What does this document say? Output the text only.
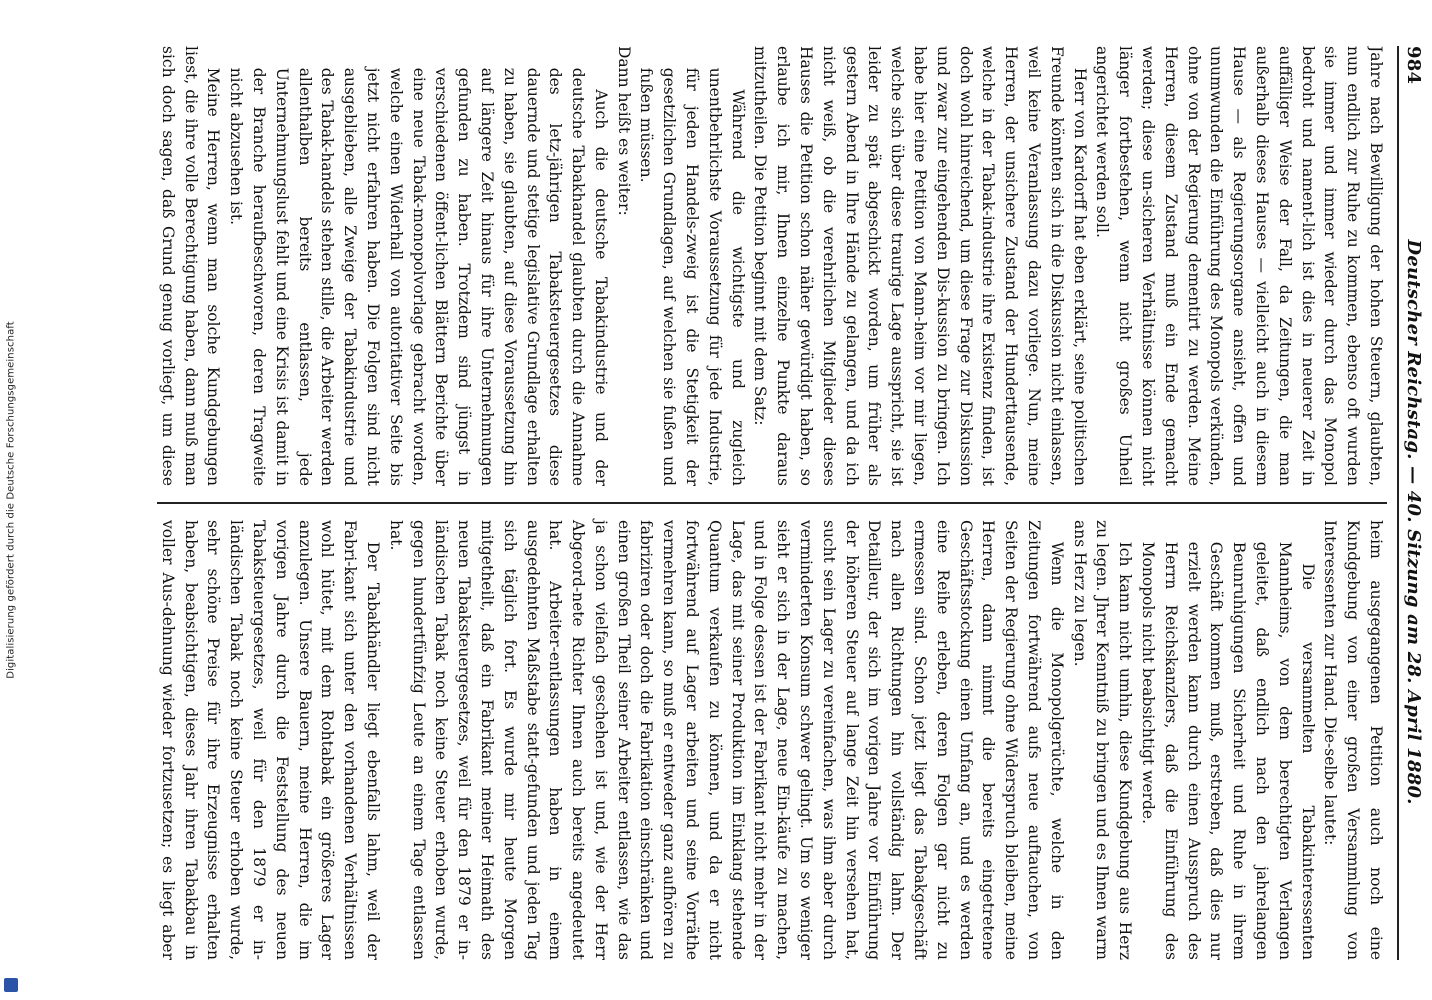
Digitalisierung gefördert durch die Deutsche Forschungsgemeinschaft
984
Deutscher Reichstag. — 40. Sitzung am 28. April 1880.

Jahre nach Bewilligung der hohen Steuern, glaubten, nun endlich zur Ruhe zu kommen, ebenso oft wurden sie immer und immer wieder durch das Monopol bedroht und nament-lich ist dies in neuerer Zeit in auffälliger Weise der Fall, da Zeitungen, die man außerhalb dieses Hauses — vielleicht auch in diesem Hause — als Regierungsorgane ansieht, offen und unumwunden die Einführung des Monopols verkünden, ohne von der Regierung dementirt zu werden. Meine Herren, diesem Zustand muß ein Ende gemacht werden; diese un-sicheren Verhältnisse können nicht länger fortbestehen, wenn nicht großes Unheil angerichtet werden soll.

Herr von Kardorff hat eben erklärt, seine politischen Freunde könnten sich in die Diskussion nicht einlassen, weil keine Veranlassung dazu vorliege. Nun, meine Herren, der unsichere Zustand der Hunderttausende, welche in der Tabak-industrie ihre Existenz finden, ist doch wohl hinreichend, um diese Frage zur Diskussion und zwar zur eingehenden Dis-kussion zu bringen. Ich habe hier eine Petition von Mann-heim vor mir liegen, welche sich über diese traurige Lage ausspricht, sie ist leider zu spät abgeschickt worden, um früher als gestern Abend in Ihre Hände zu gelangen, und da ich nicht weiß, ob die verehrlichen Mitglieder dieses Hauses die Petition schon näher gewürdigt haben, so erlaube ich mir, Ihnen einzelne Punkte daraus mitzutheilen. Die Petition beginnt mit dem Satz:

Während die wichtigste und zugleich unentbehrlichste Voraussetzung für jede Industrie, für jeden Handels-zweig ist die Stetigkeit der gesetzlichen Grundlagen, auf welchen sie fußen und fußen müssen.

Dann heißt es weiter:

Auch die deutsche Tabakindustrie und der deutsche Tabakhandel glaubten durch die Annahme des letz-jährigen Tabaksteuergesetzes diese dauernde und stetige legislative Grundlage erhalten zu haben, sie glaubten, auf diese Voraussetzung hin auf längere Zeit hinaus für ihre Unternehmungen gefunden zu haben. Trotzdem sind jüngst in verschiedenen öffent-lichen Blättern Berichte über eine neue Tabak-monopolvorlage gebracht worden, welche einen Widerhall von autoritativer Seite bis jetzt nicht erfahren haben. Die Folgen sind nicht ausgeblieben, alle Zweige der Tabakindustrie und des Tabak-handels stehen stille, die Arbeiter werden allenthalben bereits entlassen, jede Unternehmungslust fehlt und eine Krisis ist damit in der Branche heraufbeschworen, deren Tragweite nicht abzusehen ist.

Meine Herren, wenn man solche Kundgebungen liest, die ihre volle Berechtigung haben, dann muß man sich doch sagen, daß Grund genug vorliegt, um diese

heim ausgegangenen Petition auch noch eine Kundgebung von einer großen Versammlung von Interessenten zur Hand. Die-selbe lautet:

Die versammelten Tabakinteressenten Mannheims, von dem berechtigten Verlangen geleitet, daß endlich nach den jahrelangen Beunruhigungen Sicherheit und Ruhe in ihrem Geschäft kommen muß, erstreben, daß dies nur erzielt werden kann durch einen Ausspruch des Herrn Reichskanzlers, daß die Einführung des Monopols nicht beabsichtigt werde.

Ich kann nicht umhin, diese Kundgebung aus Herz zu legen. Jhrer Kenntniß zu bringen und es Ihnen warm ans Herz zu legen.

Wenn die Monopolgerüchte, welche in den Zeitungen fortwährend aufs neue auftauchen, von Seiten der Regierung ohne Widerspruch bleiben, meine Herren, dann nimmt die bereits eingetretene Geschäftsstockung einen Umfang an, und es werden eine Reihe erleben, deren Folgen gar nicht zu ermessen sind. Schon jetzt liegt das Tabakgeschäft nach allen Richtungen hin vollständig lahm. Der Detailleur, der sich im vorigen Jahre vor Einführung der höheren Steuer auf lange Zeit hin versehen hat, sucht sein Lager zu vereinfachen, was ihm aber durch verminderten Konsum schwer gelingt. Um so weniger sieht er sich in der Lage, neue Ein-käufe zu machen, und in Folge dessen ist der Fabrikant nicht mehr in der Lage, das mit seiner Produktion im Einklang stehende Quantum verkaufen zu können, und da er nicht fortwährend auf Lager arbeiten und seine Vorräthe vermehren kann, so muß er entweder ganz aufhören zu fabriziren oder doch die Fabrikation einschränken und einen großen Theil seiner Arbeiter entlassen, wie das ja schon vielfach geschehen ist und, wie der Herr Abgeord-nete Richter Ihnen auch bereits angedeutet hat. Arbeiter-entlassungen haben in einem ausgedehnten Maßstabe statt-gefunden und jeden Tag sich täglich fort. Es wurde mir heute Morgen mitgetheilt, daß ein Fabrikant meiner Heimath des neuen Tabaksteuergesetzes, weil für den 1879 er in-ländischen Tabak noch keine Steuer erhoben wurde, gegen hundertfünfzig Leute an einem Tage entlassen hat.

Der Tabakhändler liegt ebenfalls lahm, weil der Fabri-kant sich unter den vorhandenen Verhältnissen wohl hütet, mit dem Rohtabak ein größeres Lager anzulegen. Unsere Bauern, meine Herren, die im vorigen Jahre durch die Feststellung des neuen Tabaksteuergesetzes, weil für den 1879 er in-ländischen Tabak noch keine Steuer erhoben wurde, sehr schöne Preise für ihre Erzeugnisse erhalten haben, beabsichtigen, dieses Jahr ihren Tabakbau in voller Aus-dehnung wieder fortzusetzen; es liegt aber
